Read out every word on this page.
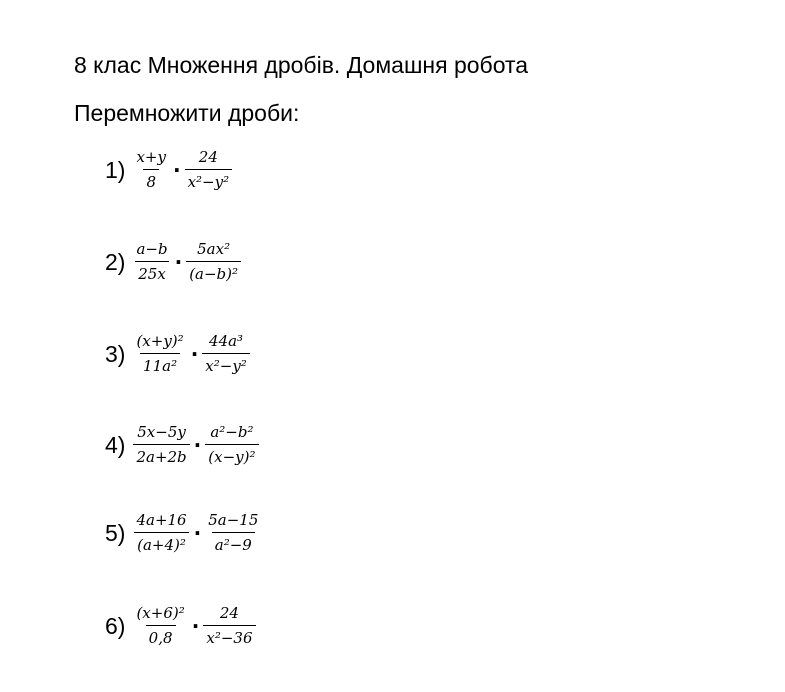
8 клас Множення дробів. Домашня робота
Перемножити дроби:
$1) \frac{x+y}{8} \cdot \frac{24}{\text{x²−y²}}$
$2) \frac{a-b}{25x} \cdot \frac{\text{5ax²}}{\text{(a−b)²}}$
$3) \frac{\text{(x+y)²}}{\text{11a²}} \cdot \frac{\text{44a³}}{\text{x²−y²}}$
$4) \frac{5x-5y}{2a+2b} \cdot \frac{\text{a²−b²}}{\text{(x−y)²}}$
$5) \frac{4a+16}{\text{(a+4)²}} \cdot \frac{5a-15}{\text{a²−9}}$
$6) \frac{\text{(x+6)²}}{0,8} \cdot \frac{24}{\text{x²−36}}$
